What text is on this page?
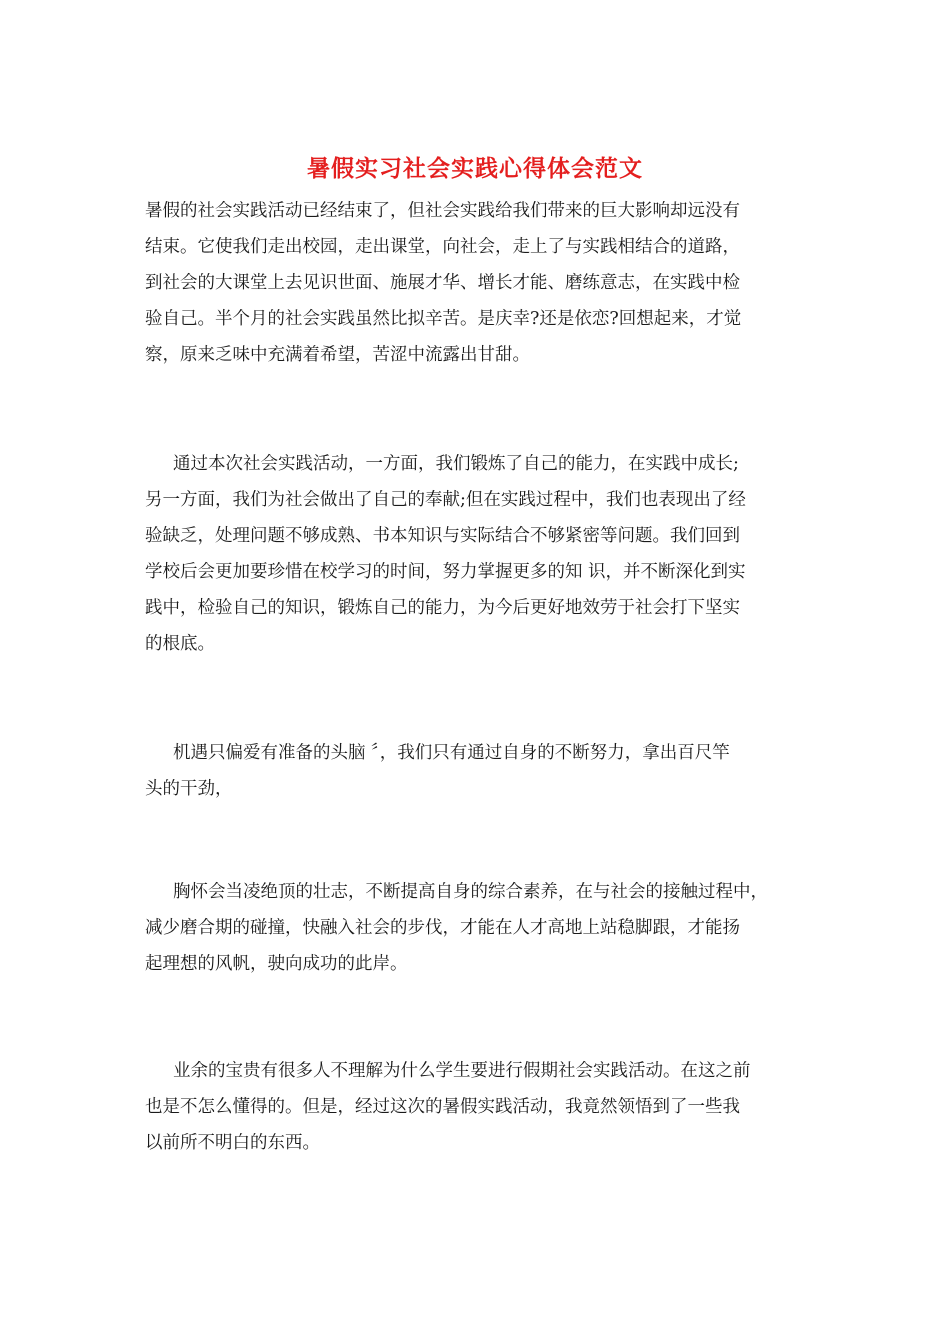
暑假实习社会实践心得体会范文
暑假的社会实践活动已经结束了，但社会实践给我们带来的巨大影响却远没有
结束。它使我们走出校园，走出课堂，向社会，走上了与实践相结合的道路，
到社会的大课堂上去见识世面、施展才华、增长才能、磨练意志，在实践中检
验自己。半个月的社会实践虽然比拟辛苦。是庆幸?还是依恋?回想起来，才觉
察，原来乏味中充满着希望，苦涩中流露出甘甜。
通过本次社会实践活动，一方面，我们锻炼了自己的能力，在实践中成长;
另一方面，我们为社会做出了自己的奉献;但在实践过程中，我们也表现出了经
验缺乏，处理问题不够成熟、书本知识与实际结合不够紧密等问题。我们回到
学校后会更加要珍惜在校学习的时间，努力掌握更多的知 识，并不断深化到实
践中，检验自己的知识，锻炼自己的能力，为今后更好地效劳于社会打下坚实
的根底。
机遇只偏爱有准备的头脑 〞，我们只有通过自身的不断努力，拿出百尺竿
头的干劲，
胸怀会当凌绝顶的壮志，不断提高自身的综合素养，在与社会的接触过程中，
减少磨合期的碰撞，快融入社会的步伐，才能在人才高地上站稳脚跟，才能扬
起理想的风帆，驶向成功的此岸。
业余的宝贵有很多人不理解为什么学生要进行假期社会实践活动。在这之前
也是不怎么懂得的。但是，经过这次的暑假实践活动，我竟然领悟到了一些我
以前所不明白的东西。
